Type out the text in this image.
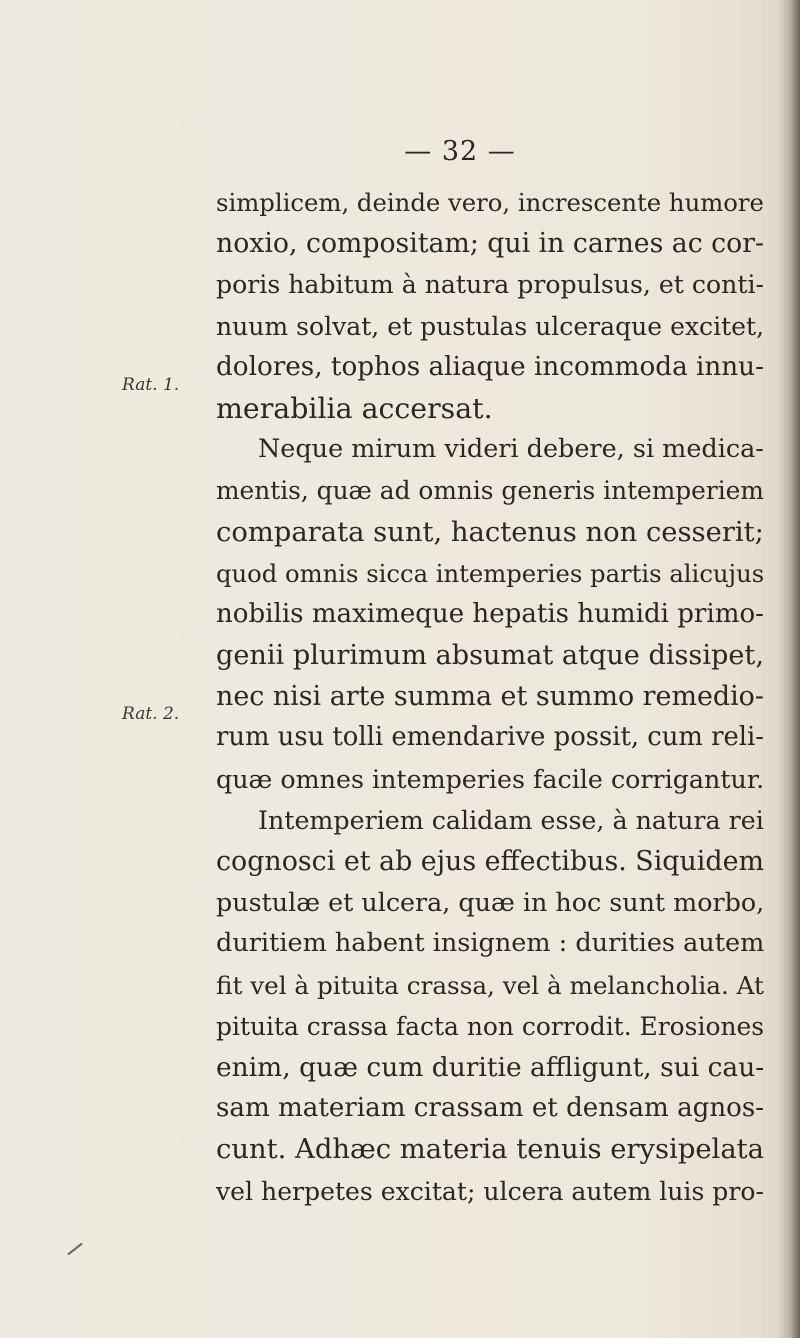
— 32 —
Rat. 1.
Rat. 2.
simplicem, deinde vero, increscente humore
noxio, compositam; qui in carnes ac cor-
poris habitum à natura propulsus, et conti-
nuum solvat, et pustulas ulceraque excitet,
dolores, tophos aliaque incommoda innu-
merabilia accersat.
Neque mirum videri debere, si medica-
mentis, quæ ad omnis generis intemperiem
comparata sunt, hactenus non cesserit;
quod omnis sicca intemperies partis alicujus
nobilis maximeque hepatis humidi primo-
genii plurimum absumat atque dissipet,
nec nisi arte summa et summo remedio-
rum usu tolli emendarive possit, cum reli-
quæ omnes intemperies facile corrigantur.
Intemperiem calidam esse, à natura rei
cognosci et ab ejus effectibus. Siquidem
pustulæ et ulcera, quæ in hoc sunt morbo,
duritiem habent insignem : durities autem
fit vel à pituita crassa, vel à melancholia. At
pituita crassa facta non corrodit. Erosiones
enim, quæ cum duritie affligunt, sui cau-
sam materiam crassam et densam agnos-
cunt. Adhæc materia tenuis erysipelata
vel herpetes excitat; ulcera autem luis pro-
